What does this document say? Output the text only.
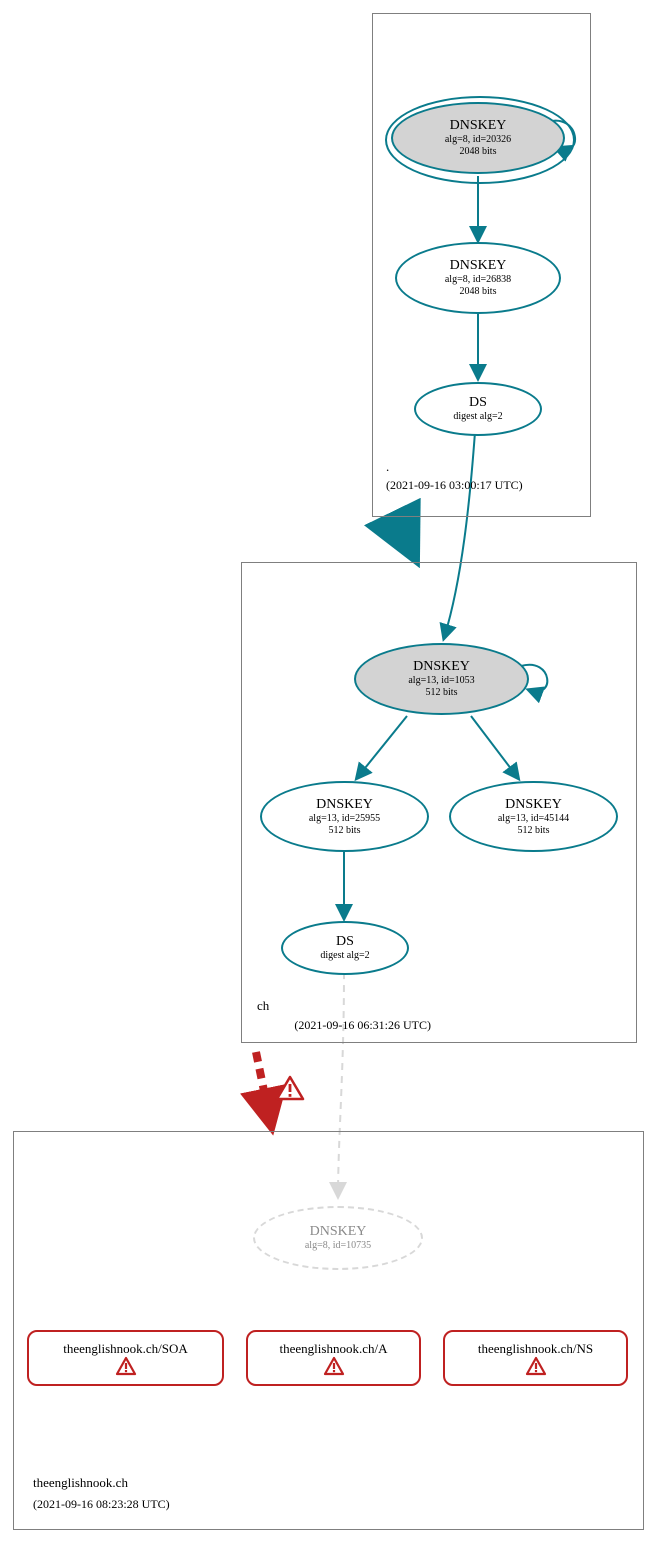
.
(2021-09-16 03:00:17 UTC)
DNSKEY
alg=8, id=20326
2048 bits
DNSKEY
alg=8, id=26838
2048 bits
DS
digest alg=2
ch
(2021-09-16 06:31:26 UTC)
DNSKEY
alg=13, id=1053
512 bits
DNSKEY
alg=13, id=25955
512 bits
DNSKEY
alg=13, id=45144
512 bits
DS
digest alg=2
theenglishnook.ch
(2021-09-16 08:23:28 UTC)
DNSKEY
alg=8, id=10735
theenglishnook.ch/SOA	theenglishnook.ch/A	theenglishnook.ch/NS
